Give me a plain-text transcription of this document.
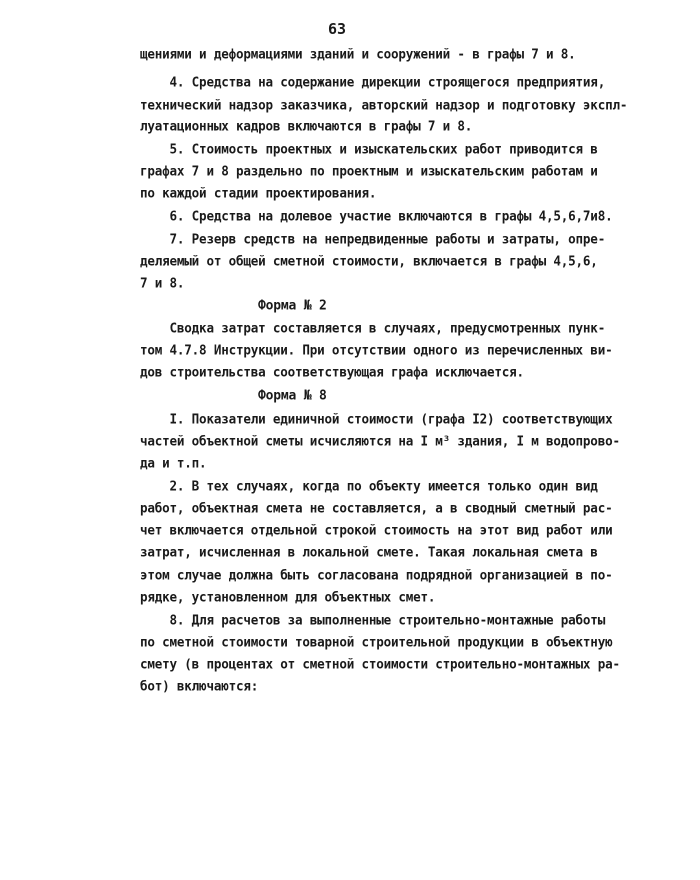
63
щениями и деформациями зданий и сооружений - в графы 7 и 8.
4. Средства на содержание дирекции строящегося предприятия,
технический надзор заказчика, авторский надзор и подготовку экспл-
луатационных кадров включаются в графы 7 и 8.
5. Стоимость проектных и изыскательских работ приводится в
графах 7 и 8 раздельно по проектным и изыскательским работам и
по каждой стадии проектирования.
6. Средства на долевое участие включаются в графы 4,5,6,7и8.
7. Резерв средств на непредвиденные работы и затраты, опре-
деляемый от общей сметной стоимости, включается в графы 4,5,6,
7 и 8.
Форма № 2
Сводка затрат составляется в случаях, предусмотренных пунк-
том 4.7.8 Инструкции. При отсутствии одного из перечисленных ви-
дов строительства соответствующая графа исключается.
Форма № 8
I. Показатели единичной стоимости (графа I2) соответствующих
частей объектной сметы исчисляются на I м³ здания, I м водопрово-
да и т.п.
2. В тех случаях, когда по объекту имеется только один вид
работ, объектная смета не составляется, а в сводный сметный рас-
чет включается отдельной строкой стоимость на этот вид работ или
затрат, исчисленная в локальной смете. Такая локальная смета в
этом случае должна быть согласована подрядной организацией в по-
рядке, установленном для объектных смет.
8. Для расчетов за выполненные строительно-монтажные работы
по сметной стоимости товарной строительной продукции в объектную
смету (в процентах от сметной стоимости строительно-монтажных ра-
бот) включаются:
